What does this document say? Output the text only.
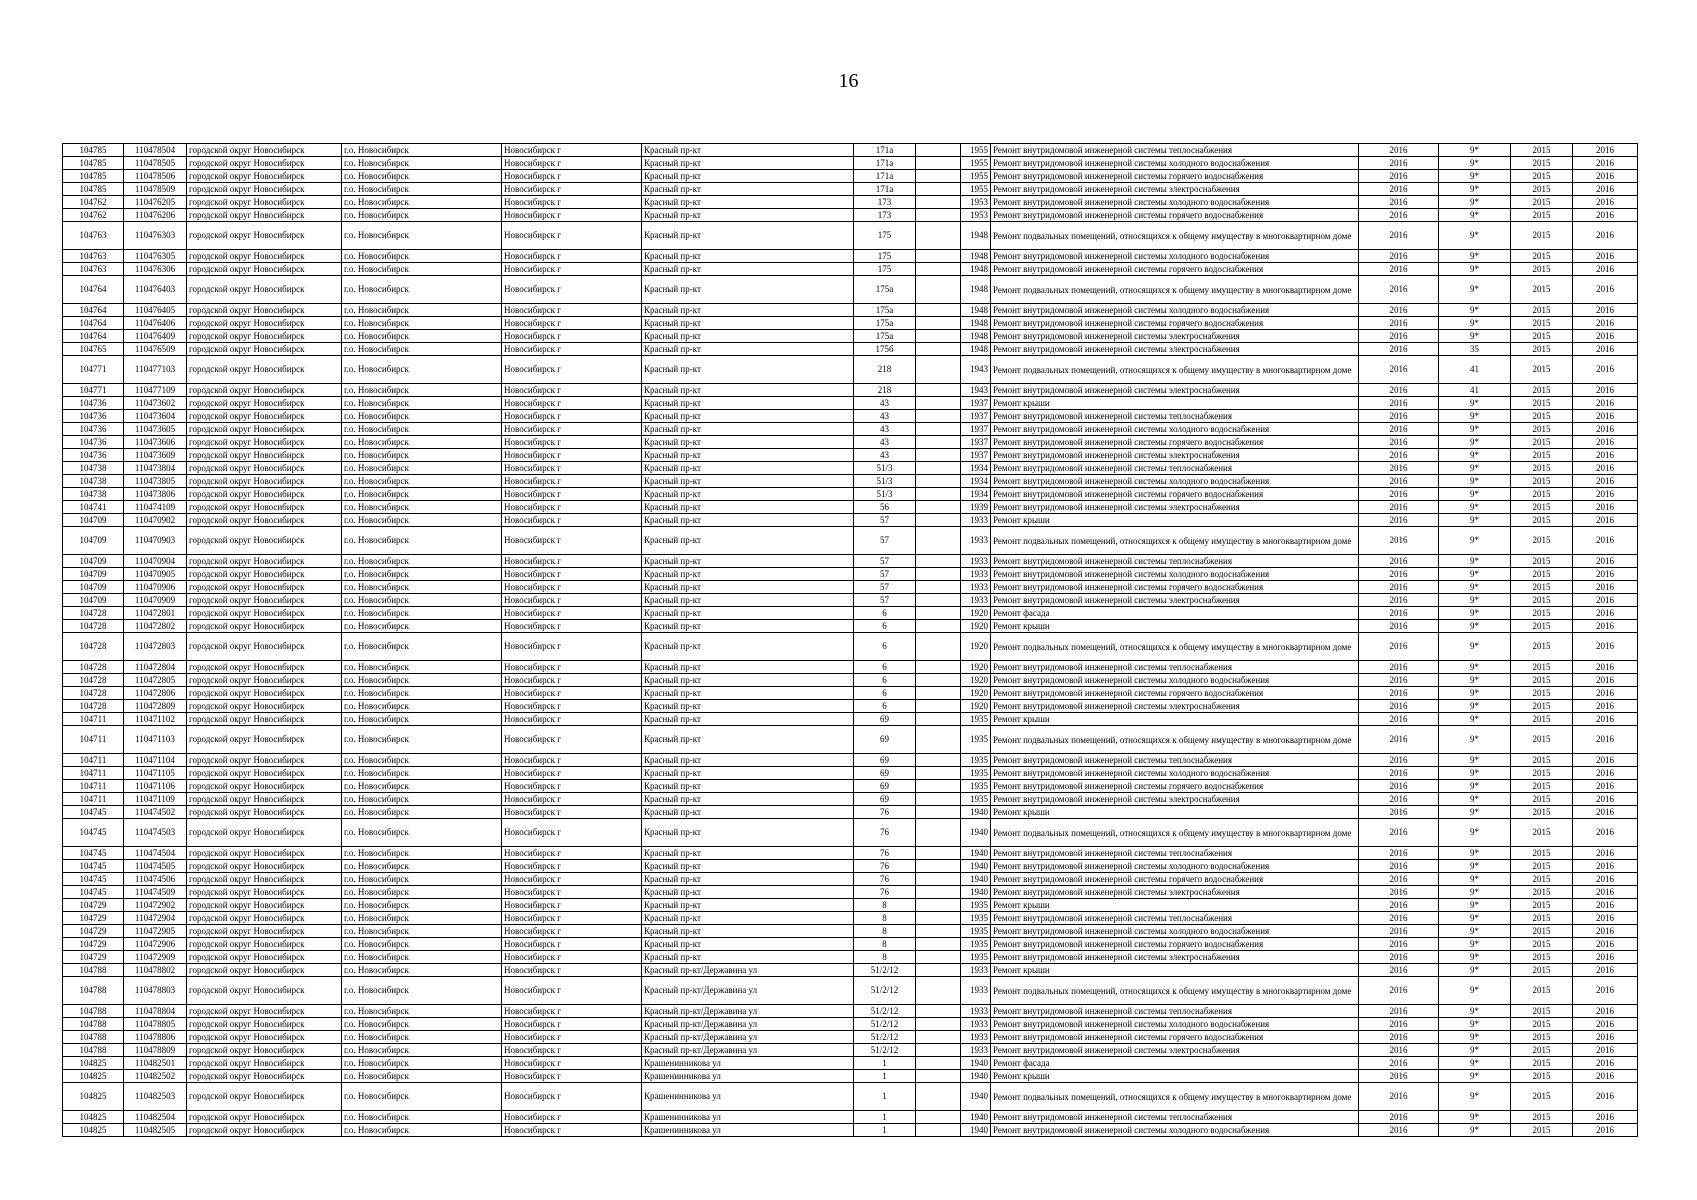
16
104785	110478504	городской округ Новосибирск	г.о. Новосибирск	Новосибирск г	Красный пр-кт	171а		1955	Ремонт внутридомовой инженерной системы теплоснабжения	2016	9*	2015	2016
104785	110478505	городской округ Новосибирск	г.о. Новосибирск	Новосибирск г	Красный пр-кт	171а		1955	Ремонт внутридомовой инженерной системы холодного водоснабжения	2016	9*	2015	2016
104785	110478506	городской округ Новосибирск	г.о. Новосибирск	Новосибирск г	Красный пр-кт	171а		1955	Ремонт внутридомовой инженерной системы горячего водоснабжения	2016	9*	2015	2016
104785	110478509	городской округ Новосибирск	г.о. Новосибирск	Новосибирск г	Красный пр-кт	171а		1955	Ремонт внутридомовой инженерной системы электроснабжения	2016	9*	2015	2016
104762	110476205	городской округ Новосибирск	г.о. Новосибирск	Новосибирск г	Красный пр-кт	173		1953	Ремонт внутридомовой инженерной системы холодного водоснабжения	2016	9*	2015	2016
104762	110476206	городской округ Новосибирск	г.о. Новосибирск	Новосибирск г	Красный пр-кт	173		1953	Ремонт внутридомовой инженерной системы горячего водоснабжения	2016	9*	2015	2016
104763	110476303	городской округ Новосибирск	г.о. Новосибирск	Новосибирск г	Красный пр-кт	175		1948	Ремонт подвальных помещений, относящихся к общему имуществу в многоквартирном доме	2016	9*	2015	2016
104763	110476305	городской округ Новосибирск	г.о. Новосибирск	Новосибирск г	Красный пр-кт	175		1948	Ремонт внутридомовой инженерной системы холодного водоснабжения	2016	9*	2015	2016
104763	110476306	городской округ Новосибирск	г.о. Новосибирск	Новосибирск г	Красный пр-кт	175		1948	Ремонт внутридомовой инженерной системы горячего водоснабжения	2016	9*	2015	2016
104764	110476403	городской округ Новосибирск	г.о. Новосибирск	Новосибирск г	Красный пр-кт	175а		1948	Ремонт подвальных помещений, относящихся к общему имуществу в многоквартирном доме	2016	9*	2015	2016
104764	110476405	городской округ Новосибирск	г.о. Новосибирск	Новосибирск г	Красный пр-кт	175а		1948	Ремонт внутридомовой инженерной системы холодного водоснабжения	2016	9*	2015	2016
104764	110476406	городской округ Новосибирск	г.о. Новосибирск	Новосибирск г	Красный пр-кт	175а		1948	Ремонт внутридомовой инженерной системы горячего водоснабжения	2016	9*	2015	2016
104764	110476409	городской округ Новосибирск	г.о. Новосибирск	Новосибирск г	Красный пр-кт	175а		1948	Ремонт внутридомовой инженерной системы электроснабжения	2016	9*	2015	2016
104765	110476509	городской округ Новосибирск	г.о. Новосибирск	Новосибирск г	Красный пр-кт	175б		1948	Ремонт внутридомовой инженерной системы электроснабжения	2016	35	2015	2016
104771	110477103	городской округ Новосибирск	г.о. Новосибирск	Новосибирск г	Красный пр-кт	218		1943	Ремонт подвальных помещений, относящихся к общему имуществу в многоквартирном доме	2016	41	2015	2016
104771	110477109	городской округ Новосибирск	г.о. Новосибирск	Новосибирск г	Красный пр-кт	218		1943	Ремонт внутридомовой инженерной системы электроснабжения	2016	41	2015	2016
104736	110473602	городской округ Новосибирск	г.о. Новосибирск	Новосибирск г	Красный пр-кт	43		1937	Ремонт крыши	2016	9*	2015	2016
104736	110473604	городской округ Новосибирск	г.о. Новосибирск	Новосибирск г	Красный пр-кт	43		1937	Ремонт внутридомовой инженерной системы теплоснабжения	2016	9*	2015	2016
104736	110473605	городской округ Новосибирск	г.о. Новосибирск	Новосибирск г	Красный пр-кт	43		1937	Ремонт внутридомовой инженерной системы холодного водоснабжения	2016	9*	2015	2016
104736	110473606	городской округ Новосибирск	г.о. Новосибирск	Новосибирск г	Красный пр-кт	43		1937	Ремонт внутридомовой инженерной системы горячего водоснабжения	2016	9*	2015	2016
104736	110473609	городской округ Новосибирск	г.о. Новосибирск	Новосибирск г	Красный пр-кт	43		1937	Ремонт внутридомовой инженерной системы электроснабжения	2016	9*	2015	2016
104738	110473804	городской округ Новосибирск	г.о. Новосибирск	Новосибирск г	Красный пр-кт	51/3		1934	Ремонт внутридомовой инженерной системы теплоснабжения	2016	9*	2015	2016
104738	110473805	городской округ Новосибирск	г.о. Новосибирск	Новосибирск г	Красный пр-кт	51/3		1934	Ремонт внутридомовой инженерной системы холодного водоснабжения	2016	9*	2015	2016
104738	110473806	городской округ Новосибирск	г.о. Новосибирск	Новосибирск г	Красный пр-кт	51/3		1934	Ремонт внутридомовой инженерной системы горячего водоснабжения	2016	9*	2015	2016
104741	110474109	городской округ Новосибирск	г.о. Новосибирск	Новосибирск г	Красный пр-кт	56		1939	Ремонт внутридомовой инженерной системы электроснабжения	2016	9*	2015	2016
104709	110470902	городской округ Новосибирск	г.о. Новосибирск	Новосибирск г	Красный пр-кт	57		1933	Ремонт крыши	2016	9*	2015	2016
104709	110470903	городской округ Новосибирск	г.о. Новосибирск	Новосибирск г	Красный пр-кт	57		1933	Ремонт подвальных помещений, относящихся к общему имуществу в многоквартирном доме	2016	9*	2015	2016
104709	110470904	городской округ Новосибирск	г.о. Новосибирск	Новосибирск г	Красный пр-кт	57		1933	Ремонт внутридомовой инженерной системы теплоснабжения	2016	9*	2015	2016
104709	110470905	городской округ Новосибирск	г.о. Новосибирск	Новосибирск г	Красный пр-кт	57		1933	Ремонт внутридомовой инженерной системы холодного водоснабжения	2016	9*	2015	2016
104709	110470906	городской округ Новосибирск	г.о. Новосибирск	Новосибирск г	Красный пр-кт	57		1933	Ремонт внутридомовой инженерной системы горячего водоснабжения	2016	9*	2015	2016
104709	110470909	городской округ Новосибирск	г.о. Новосибирск	Новосибирск г	Красный пр-кт	57		1933	Ремонт внутридомовой инженерной системы электроснабжения	2016	9*	2015	2016
104728	110472801	городской округ Новосибирск	г.о. Новосибирск	Новосибирск г	Красный пр-кт	6		1920	Ремонт фасада	2016	9*	2015	2016
104728	110472802	городской округ Новосибирск	г.о. Новосибирск	Новосибирск г	Красный пр-кт	6		1920	Ремонт крыши	2016	9*	2015	2016
104728	110472803	городской округ Новосибирск	г.о. Новосибирск	Новосибирск г	Красный пр-кт	6		1920	Ремонт подвальных помещений, относящихся к общему имуществу в многоквартирном доме	2016	9*	2015	2016
104728	110472804	городской округ Новосибирск	г.о. Новосибирск	Новосибирск г	Красный пр-кт	6		1920	Ремонт внутридомовой инженерной системы теплоснабжения	2016	9*	2015	2016
104728	110472805	городской округ Новосибирск	г.о. Новосибирск	Новосибирск г	Красный пр-кт	6		1920	Ремонт внутридомовой инженерной системы холодного водоснабжения	2016	9*	2015	2016
104728	110472806	городской округ Новосибирск	г.о. Новосибирск	Новосибирск г	Красный пр-кт	6		1920	Ремонт внутридомовой инженерной системы горячего водоснабжения	2016	9*	2015	2016
104728	110472809	городской округ Новосибирск	г.о. Новосибирск	Новосибирск г	Красный пр-кт	6		1920	Ремонт внутридомовой инженерной системы электроснабжения	2016	9*	2015	2016
104711	110471102	городской округ Новосибирск	г.о. Новосибирск	Новосибирск г	Красный пр-кт	69		1935	Ремонт крыши	2016	9*	2015	2016
104711	110471103	городской округ Новосибирск	г.о. Новосибирск	Новосибирск г	Красный пр-кт	69		1935	Ремонт подвальных помещений, относящихся к общему имуществу в многоквартирном доме	2016	9*	2015	2016
104711	110471104	городской округ Новосибирск	г.о. Новосибирск	Новосибирск г	Красный пр-кт	69		1935	Ремонт внутридомовой инженерной системы теплоснабжения	2016	9*	2015	2016
104711	110471105	городской округ Новосибирск	г.о. Новосибирск	Новосибирск г	Красный пр-кт	69		1935	Ремонт внутридомовой инженерной системы холодного водоснабжения	2016	9*	2015	2016
104711	110471106	городской округ Новосибирск	г.о. Новосибирск	Новосибирск г	Красный пр-кт	69		1935	Ремонт внутридомовой инженерной системы горячего водоснабжения	2016	9*	2015	2016
104711	110471109	городской округ Новосибирск	г.о. Новосибирск	Новосибирск г	Красный пр-кт	69		1935	Ремонт внутридомовой инженерной системы электроснабжения	2016	9*	2015	2016
104745	110474502	городской округ Новосибирск	г.о. Новосибирск	Новосибирск г	Красный пр-кт	76		1940	Ремонт крыши	2016	9*	2015	2016
104745	110474503	городской округ Новосибирск	г.о. Новосибирск	Новосибирск г	Красный пр-кт	76		1940	Ремонт подвальных помещений, относящихся к общему имуществу в многоквартирном доме	2016	9*	2015	2016
104745	110474504	городской округ Новосибирск	г.о. Новосибирск	Новосибирск г	Красный пр-кт	76		1940	Ремонт внутридомовой инженерной системы теплоснабжения	2016	9*	2015	2016
104745	110474505	городской округ Новосибирск	г.о. Новосибирск	Новосибирск г	Красный пр-кт	76		1940	Ремонт внутридомовой инженерной системы холодного водоснабжения	2016	9*	2015	2016
104745	110474506	городской округ Новосибирск	г.о. Новосибирск	Новосибирск г	Красный пр-кт	76		1940	Ремонт внутридомовой инженерной системы горячего водоснабжения	2016	9*	2015	2016
104745	110474509	городской округ Новосибирск	г.о. Новосибирск	Новосибирск г	Красный пр-кт	76		1940	Ремонт внутридомовой инженерной системы электроснабжения	2016	9*	2015	2016
104729	110472902	городской округ Новосибирск	г.о. Новосибирск	Новосибирск г	Красный пр-кт	8		1935	Ремонт крыши	2016	9*	2015	2016
104729	110472904	городской округ Новосибирск	г.о. Новосибирск	Новосибирск г	Красный пр-кт	8		1935	Ремонт внутридомовой инженерной системы теплоснабжения	2016	9*	2015	2016
104729	110472905	городской округ Новосибирск	г.о. Новосибирск	Новосибирск г	Красный пр-кт	8		1935	Ремонт внутридомовой инженерной системы холодного водоснабжения	2016	9*	2015	2016
104729	110472906	городской округ Новосибирск	г.о. Новосибирск	Новосибирск г	Красный пр-кт	8		1935	Ремонт внутридомовой инженерной системы горячего водоснабжения	2016	9*	2015	2016
104729	110472909	городской округ Новосибирск	г.о. Новосибирск	Новосибирск г	Красный пр-кт	8		1935	Ремонт внутридомовой инженерной системы электроснабжения	2016	9*	2015	2016
104788	110478802	городской округ Новосибирск	г.о. Новосибирск	Новосибирск г	Красный пр-кт/Державина ул	51/2/12		1933	Ремонт крыши	2016	9*	2015	2016
104788	110478803	городской округ Новосибирск	г.о. Новосибирск	Новосибирск г	Красный пр-кт/Державина ул	51/2/12		1933	Ремонт подвальных помещений, относящихся к общему имуществу в многоквартирном доме	2016	9*	2015	2016
104788	110478804	городской округ Новосибирск	г.о. Новосибирск	Новосибирск г	Красный пр-кт/Державина ул	51/2/12		1933	Ремонт внутридомовой инженерной системы теплоснабжения	2016	9*	2015	2016
104788	110478805	городской округ Новосибирск	г.о. Новосибирск	Новосибирск г	Красный пр-кт/Державина ул	51/2/12		1933	Ремонт внутридомовой инженерной системы холодного водоснабжения	2016	9*	2015	2016
104788	110478806	городской округ Новосибирск	г.о. Новосибирск	Новосибирск г	Красный пр-кт/Державина ул	51/2/12		1933	Ремонт внутридомовой инженерной системы горячего водоснабжения	2016	9*	2015	2016
104788	110478809	городской округ Новосибирск	г.о. Новосибирск	Новосибирск г	Красный пр-кт/Державина ул	51/2/12		1933	Ремонт внутридомовой инженерной системы электроснабжения	2016	9*	2015	2016
104825	110482501	городской округ Новосибирск	г.о. Новосибирск	Новосибирск г	Крашенинникова ул	1		1940	Ремонт фасада	2016	9*	2015	2016
104825	110482502	городской округ Новосибирск	г.о. Новосибирск	Новосибирск г	Крашенинникова ул	1		1940	Ремонт крыши	2016	9*	2015	2016
104825	110482503	городской округ Новосибирск	г.о. Новосибирск	Новосибирск г	Крашенинникова ул	1		1940	Ремонт подвальных помещений, относящихся к общему имуществу в многоквартирном доме	2016	9*	2015	2016
104825	110482504	городской округ Новосибирск	г.о. Новосибирск	Новосибирск г	Крашенинникова ул	1		1940	Ремонт внутридомовой инженерной системы теплоснабжения	2016	9*	2015	2016
104825	110482505	городской округ Новосибирск	г.о. Новосибирск	Новосибирск г	Крашенинникова ул	1		1940	Ремонт внутридомовой инженерной системы холодного водоснабжения	2016	9*	2015	2016
